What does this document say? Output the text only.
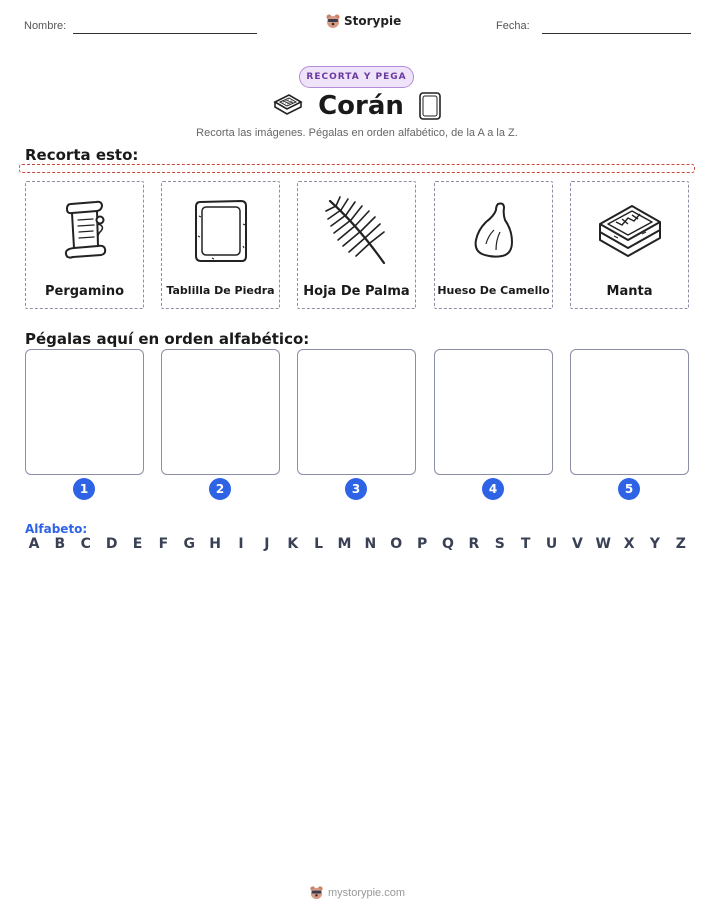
Nombre:	Storypie	Fecha:
RECORTA Y PEGA
Corán
Recorta las imágenes. Pégalas en orden alfabético, de la A a la Z.
Recorta esto:
Pergamino	Tablilla De Piedra	Hoja De Palma	Hueso De Camello	Manta
Pégalas aquí en orden alfabético:
1	2	3	4	5
Alfabeto:
A B C D	E	F	G H	I	J	K	L	M N O P Q R S	T	U V W X Y Z
mystorypie.com
